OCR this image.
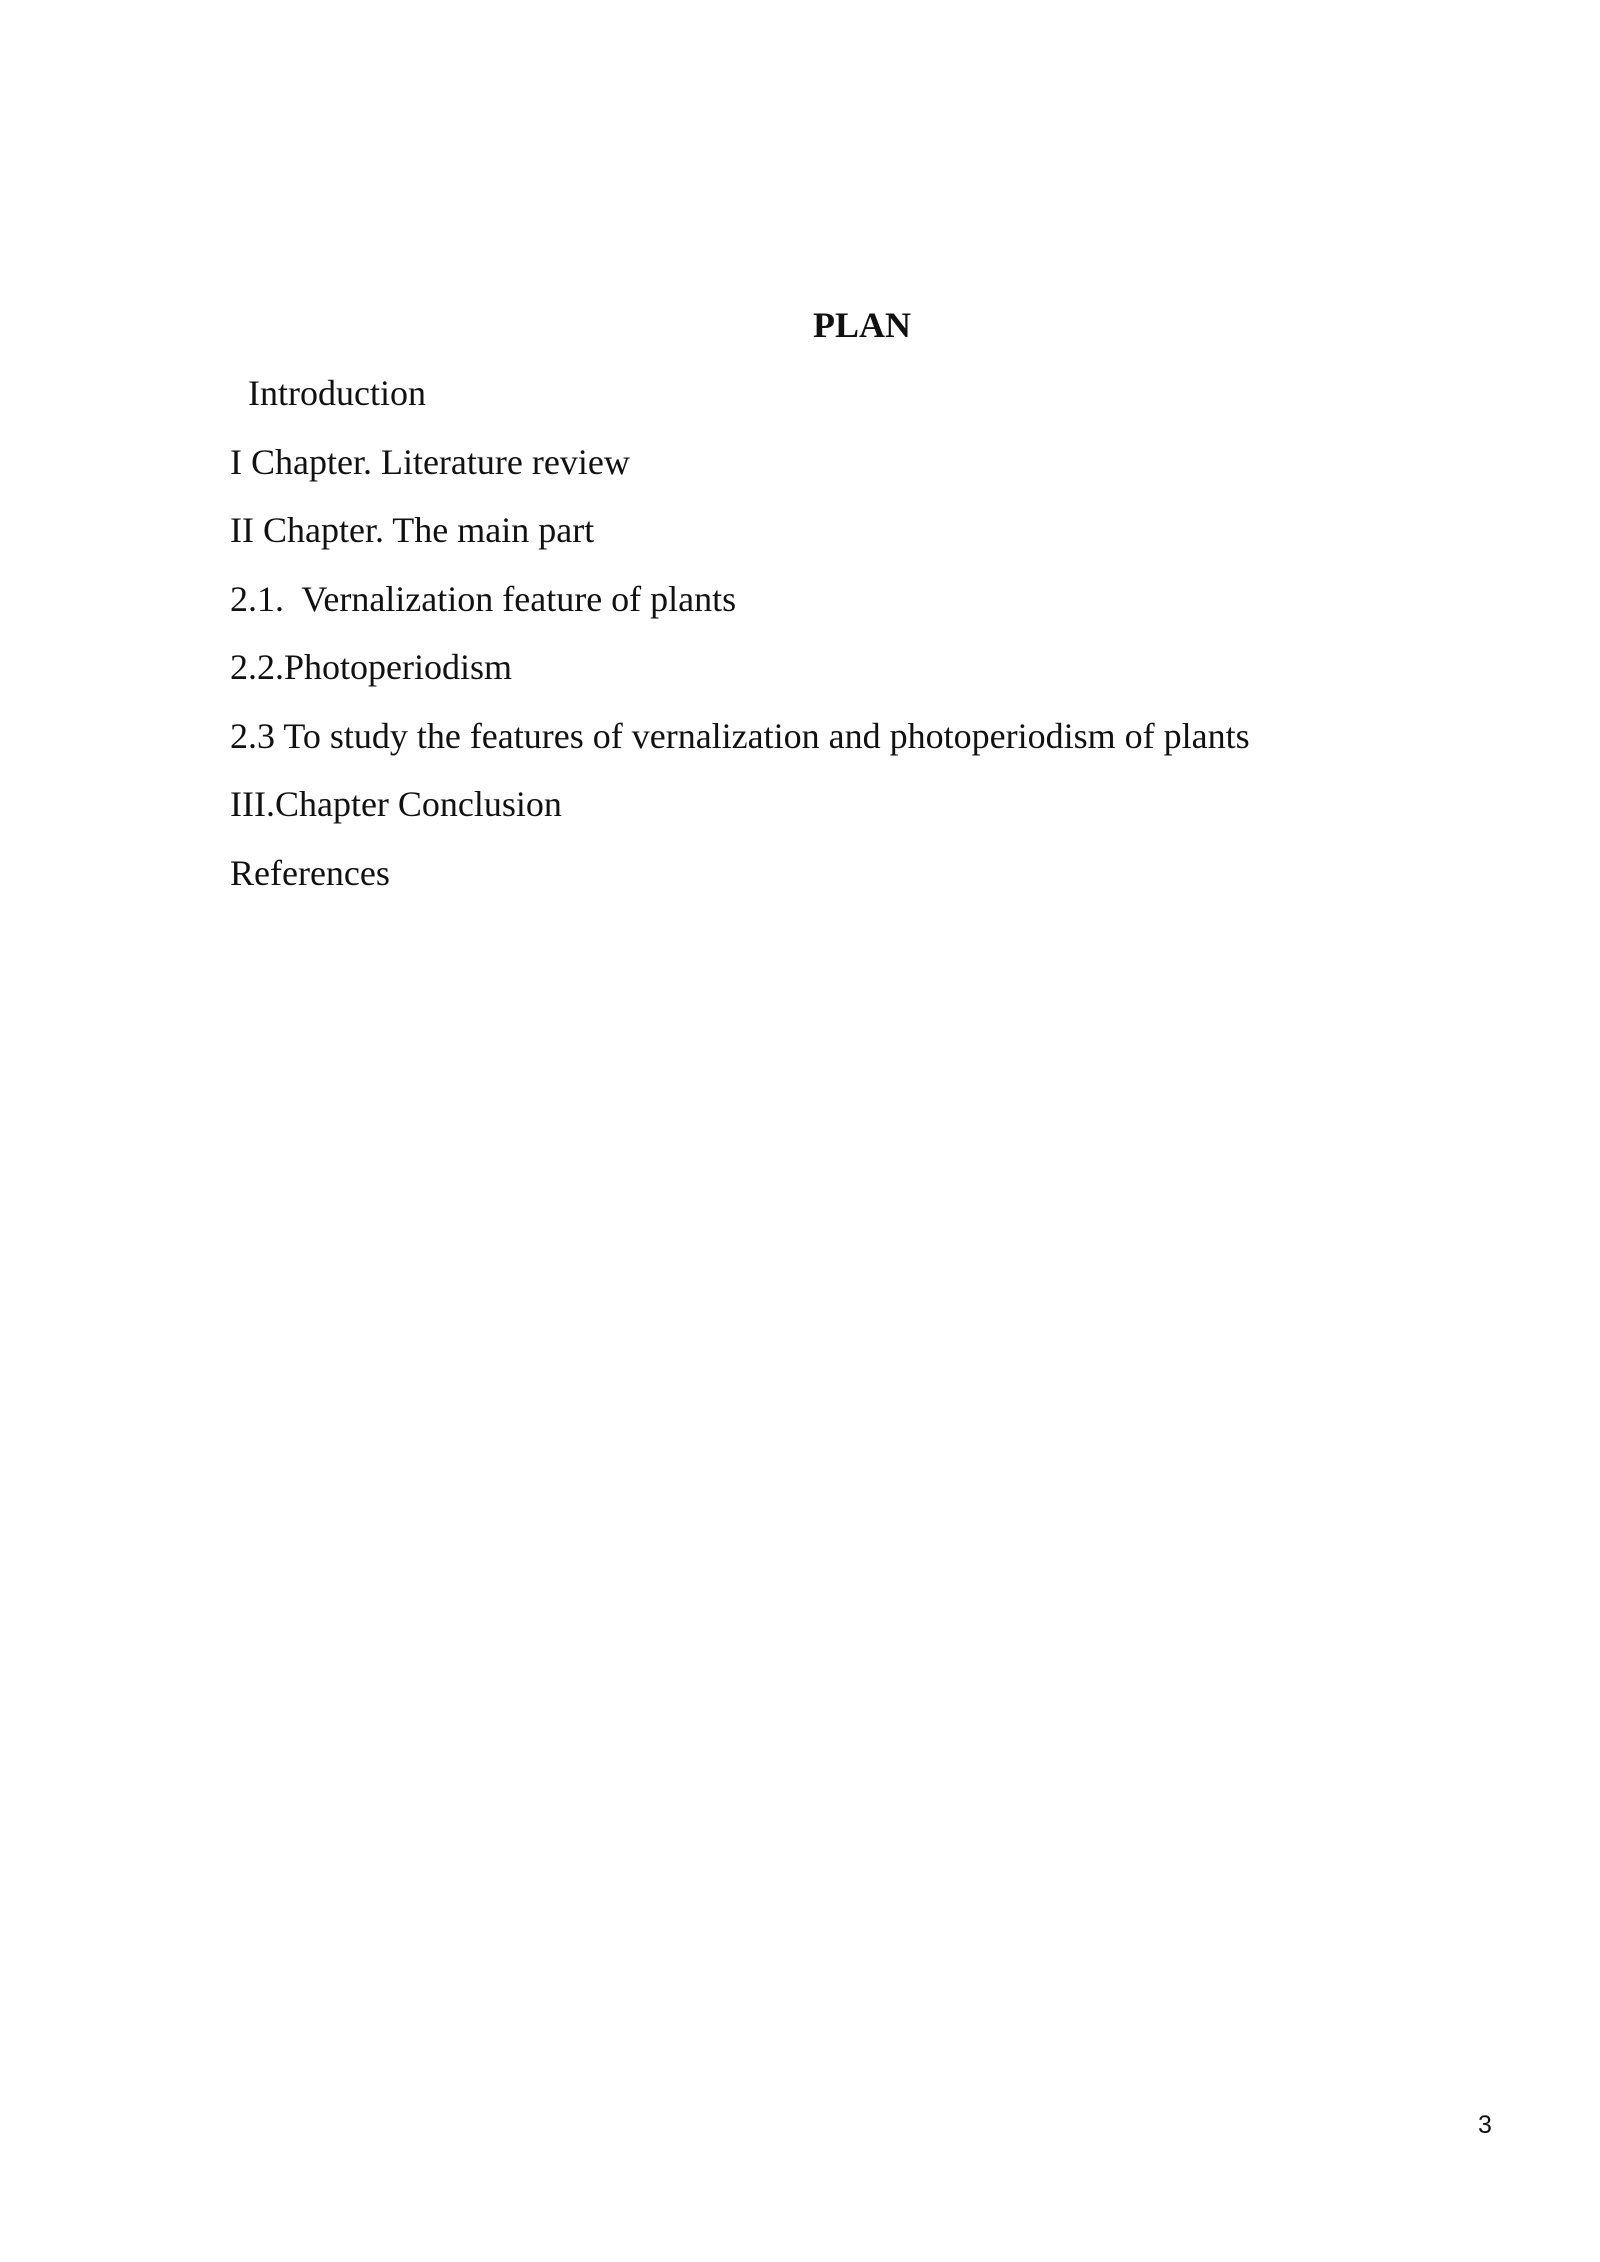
PLAN
Introduction
I Chapter. Literature review
II Chapter. The main part
2.1.  Vernalization feature of plants
2.2.Photoperiodism
2.3 To study the features of vernalization and photoperiodism of plants
III.Chapter Conclusion
References
3
